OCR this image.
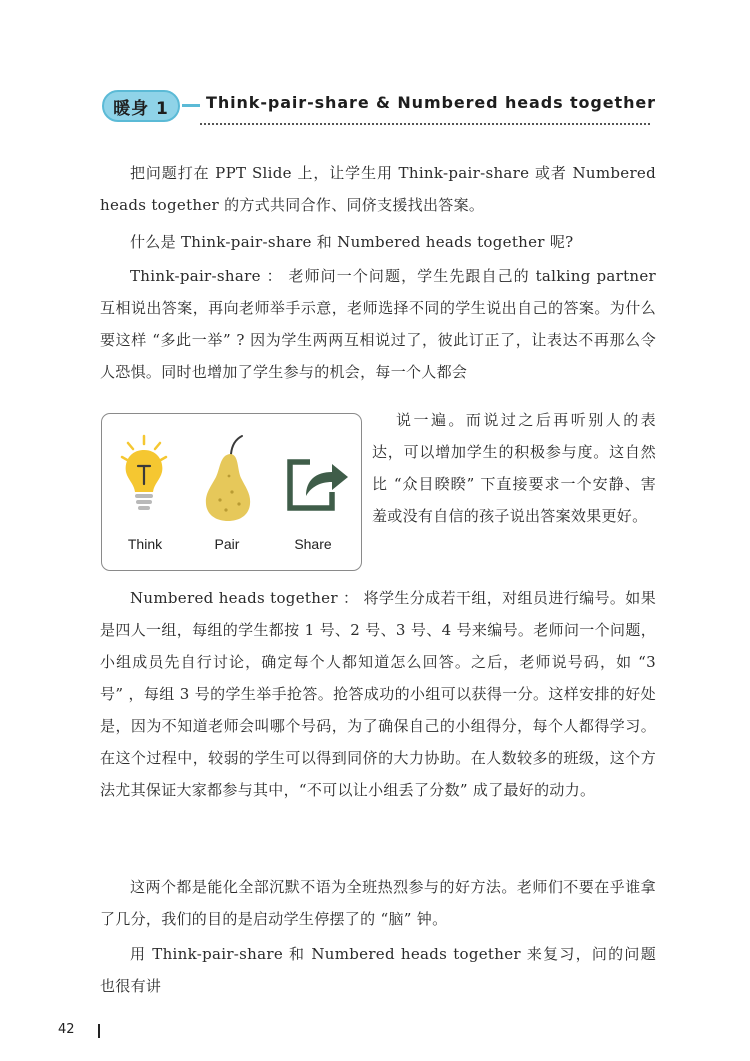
暖身 1	Think-pair-share & Numbered heads together

把问题打在 PPT Slide 上，让学生用 Think-pair-share 或者 Numbered heads together 的方式共同合作、同侪支援找出答案。

什么是 Think-pair-share 和 Numbered heads together 呢?

Think-pair-share ： 老师问一个问题，学生先跟自己的 talking partner 互相说出答案，再向老师举手示意，老师选择不同的学生说出自己的答案。为什么要这样 “多此一举” ? 因为学生两两互相说过了，彼此订正了，让表达不再那么令人恐惧。同时也增加了学生参与的机会，每一个人都会

说一遍。而说过之后再听别人的表达，可以增加学生的积极参与度。这自然比 “众目睽睽” 下直接要求一个安静、害羞或没有自信的孩子说出答案效果更好。

Numbered heads together ： 将学生分成若干组，对组员进行编号。如果是四人一组，每组的学生都按 1 号、2 号、3 号、4 号来编号。老师问一个问题，小组成员先自行讨论，确定每个人都知道怎么回答。之后，老师说号码，如 “3 号” ，每组 3 号的学生举手抢答。抢答成功的小组可以获得一分。这样安排的好处是，因为不知道老师会叫哪个号码，为了确保自己的小组得分，每个人都得学习。在这个过程中，较弱的学生可以得到同侪的大力协助。在人数较多的班级，这个方法尤其保证大家都参与其中，“不可以让小组丢了分数” 成了最好的动力。

这两个都是能化全部沉默不语为全班热烈参与的好方法。老师们不要在乎谁拿了几分，我们的目的是启动学生停摆了的 “脑” 钟。

用 Think-pair-share 和 Numbered heads together 来复习，问的问题也很有讲

Think	Pair	Share
42
